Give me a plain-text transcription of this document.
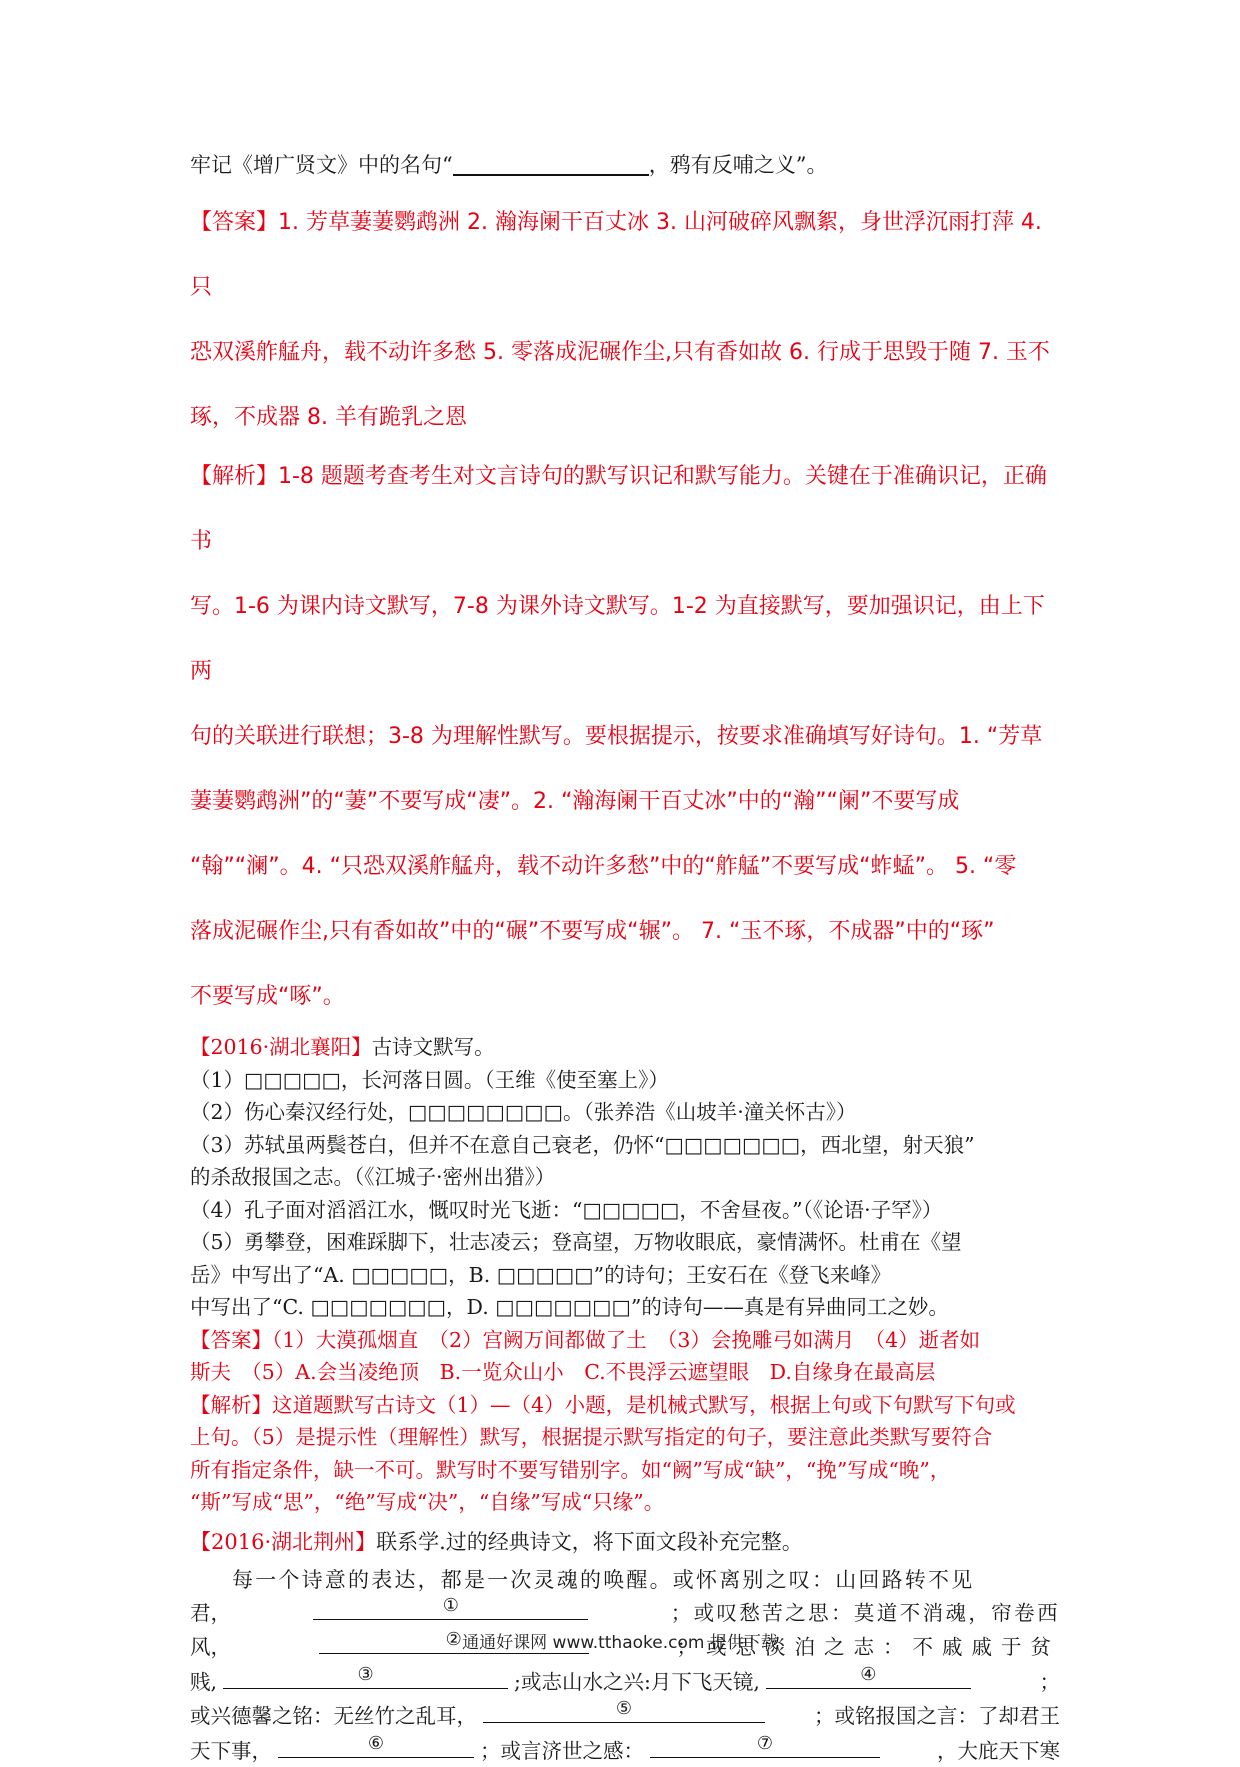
牢记《增广贤文》中的名句“	，鸦有反哺之义”。
【答案】1. 芳草萋萋鹦鹉洲 2. 瀚海阑干百丈冰 3. 山河破碎风飘絮，身世浮沉雨打萍 4. 只
恐双溪舴艋舟，载不动许多愁 5. 零落成泥碾作尘,只有香如故 6. 行成于思毁于随 7. 玉不
琢，不成器 8. 羊有跪乳之恩
【解析】1-8 题题考查考生对文言诗句的默写识记和默写能力。关键在于准确识记，正确书
写。1-6 为课内诗文默写，7-8 为课外诗文默写。1-2 为直接默写，要加强识记，由上下两
句的关联进行联想；3-8 为理解性默写。要根据提示，按要求准确填写好诗句。1. “芳草
萋萋鹦鹉洲”的“萋”不要写成“凄”。2. “瀚海阑干百丈冰”中的“瀚”“阑”不要写成
“翰”“澜”。4. “只恐双溪舴艋舟，载不动许多愁”中的“舴艋”不要写成“蚱蜢”。 5. “零
落成泥碾作尘,只有香如故”中的“碾”不要写成“辗”。 7. “玉不琢，不成器”中的“琢”
不要写成“啄”。
【2016·湖北襄阳】古诗文默写。
（1）□□□□□，长河落日圆。（王维《使至塞上》）
（2）伤心秦汉经行处，□□□□□□□□。（张养浩《山坡羊·潼关怀古》）
（3）苏轼虽两鬓苍白，但并不在意自己衰老，仍怀“□□□□□□□，西北望，射天狼”
的杀敌报国之志。（《江城子·密州出猎》）
（4）孔子面对滔滔江水，慨叹时光飞逝：“□□□□□，不舍昼夜。”（《论语·子罕》）
（5）勇攀登，困难踩脚下，壮志凌云；登高望，万物收眼底，豪情满怀。杜甫在《望
岳》中写出了“A. □□□□□，B. □□□□□”的诗句；王安石在《登飞来峰》
中写出了“C. □□□□□□□，D. □□□□□□□”的诗句——真是有异曲同工之妙。
【答案】（1）大漠孤烟直　（2）宫阙万间都做了土　（3）会挽雕弓如满月　（4）逝者如
斯夫　（5）A.会当凌绝顶　B.一览众山小　C.不畏浮云遮望眼　D.自缘身在最高层
【解析】这道题默写古诗文（1）—（4）小题，是机械式默写，根据上句或下句默写下句或
上句。（5）是提示性（理解性）默写，根据提示默写指定的句子，要注意此类默写要符合
所有指定条件，缺一不可。默写时不要写错别字。如“阙”写成“缺”，“挽”写成“晚”，
“斯”写成“思”，“绝”写成“决”，“自缘”写成“只缘”。
【2016·湖北荆州】联系学.过的经典诗文，将下面文段补充完整。
每一个诗意的表达，都是一次灵魂的唤醒。或怀离别之叹：山回路转不见
君，	①	；或叹愁苦之思：莫道不消魂，帘卷西
风，	②	；或思淡泊之志：不戚戚于贫
贱,	③	;或志山水之兴:月下飞天镜,	④	；
或兴德馨之铭：无丝竹之乱耳，	⑤	；或铭报国之言：了却君王
天下事，	⑥	；或言济世之感：	⑦	，大庇天下寒
通通好课网 www.tthaoke.com 提供下载
